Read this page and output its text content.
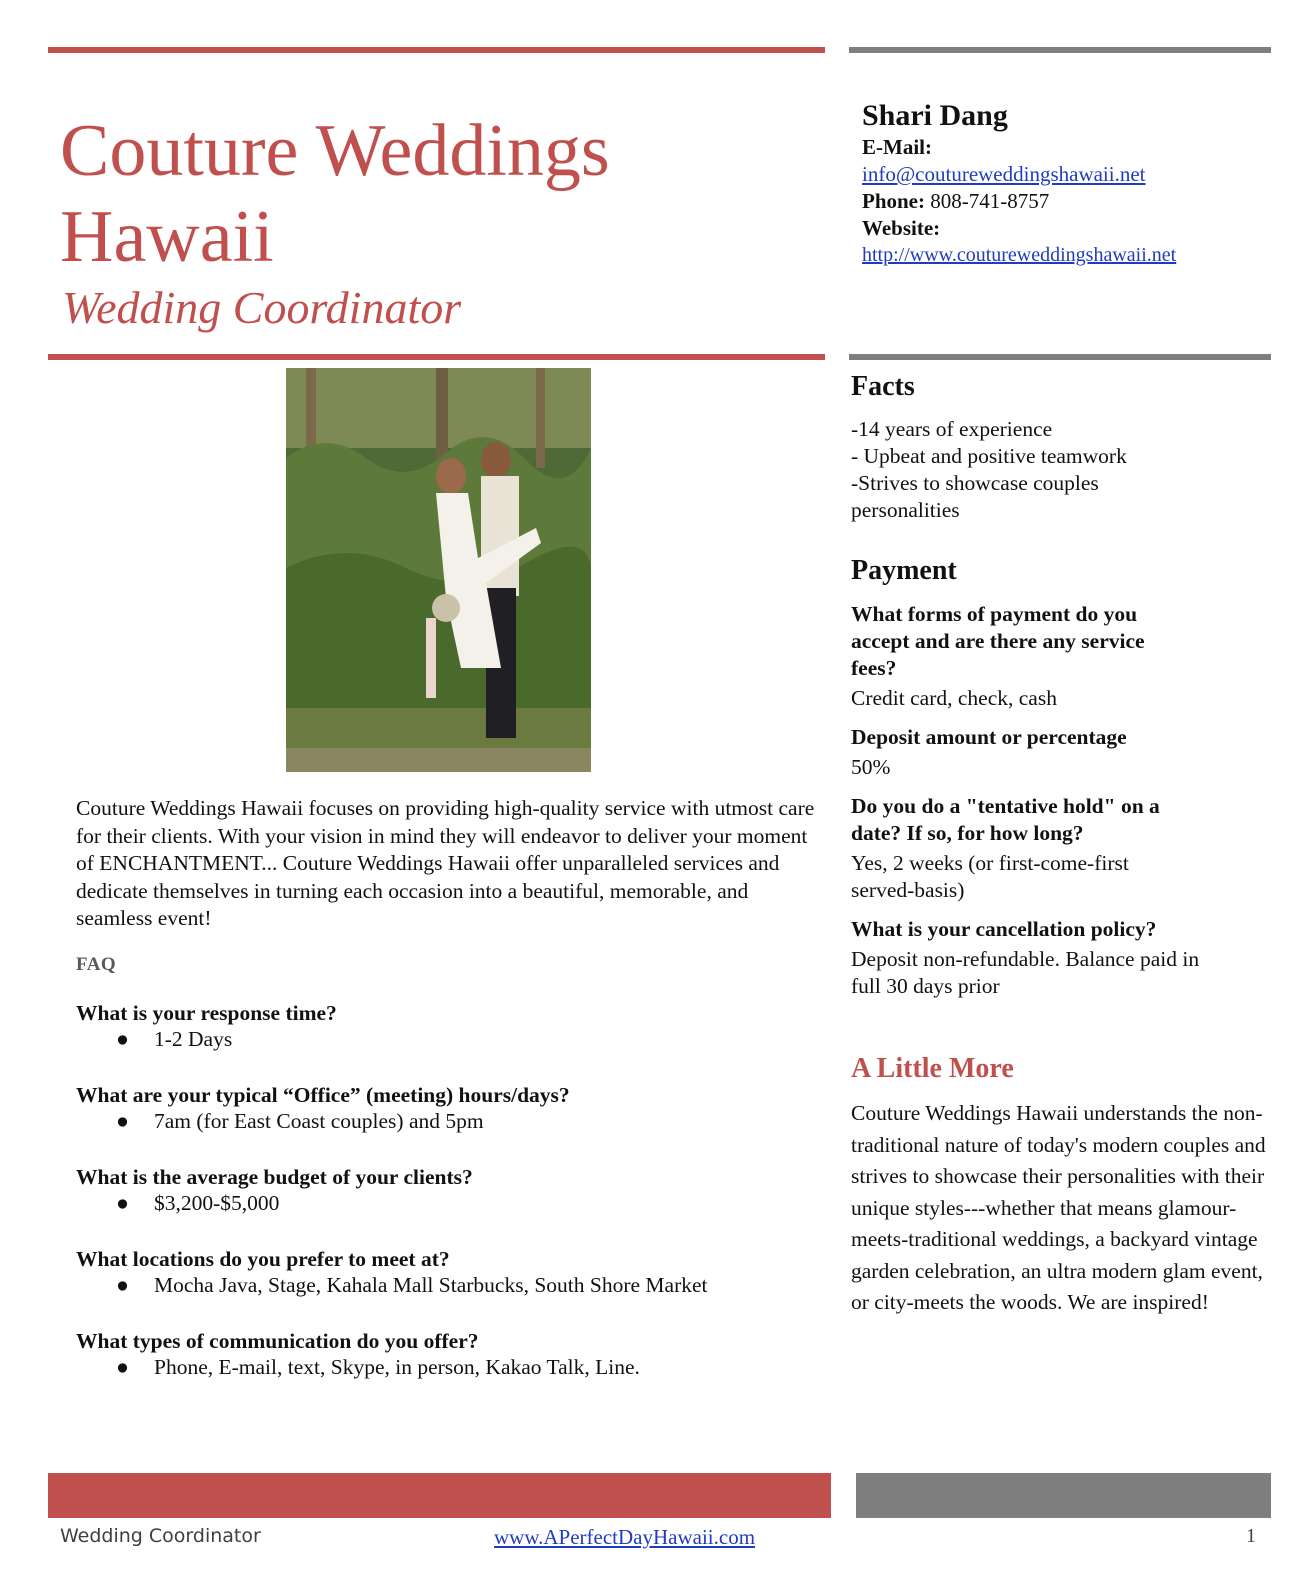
Couture Weddings
Hawaii
Wedding Coordinator
Shari Dang
E-Mail:
info@coutureweddingshawaii.net
Phone: 808-741-8757
Website:
http://www.coutureweddingshawaii.net
Couture Weddings Hawaii focuses on providing high-quality service with utmost care for their clients. With your vision in mind they will endeavor to deliver your moment of ENCHANTMENT... Couture Weddings Hawaii offer unparalleled services and dedicate themselves in turning each occasion into a beautiful, memorable, and seamless event!
FAQ
What is your response time?
● 1-2 Days
What are your typical “Office” (meeting) hours/days?
● 7am (for East Coast couples) and 5pm
What is the average budget of your clients?
● $3,200-$5,000
What locations do you prefer to meet at?
● Mocha Java, Stage, Kahala Mall Starbucks, South Shore Market
What types of communication do you offer?
● Phone, E-mail, text, Skype, in person, Kakao Talk, Line.
Facts
-14 years of experience
- Upbeat and positive teamwork
-Strives to showcase couples personalities
Payment
What forms of payment do you accept and are there any service fees?
Credit card, check, cash
Deposit amount or percentage
50%
Do you do a "tentative hold" on a date? If so, for how long?
Yes, 2 weeks (or first-come-first served-basis)
What is your cancellation policy?
Deposit non-refundable. Balance paid in full 30 days prior
A Little More
Couture Weddings Hawaii understands the non-traditional nature of today's modern couples and strives to showcase their personalities with their unique styles---whether that means glamour-meets-traditional weddings, a backyard vintage garden celebration, an ultra modern glam event, or city-meets the woods. We are inspired!
Wedding Coordinator	www.APerfectDayHawaii.com	1
